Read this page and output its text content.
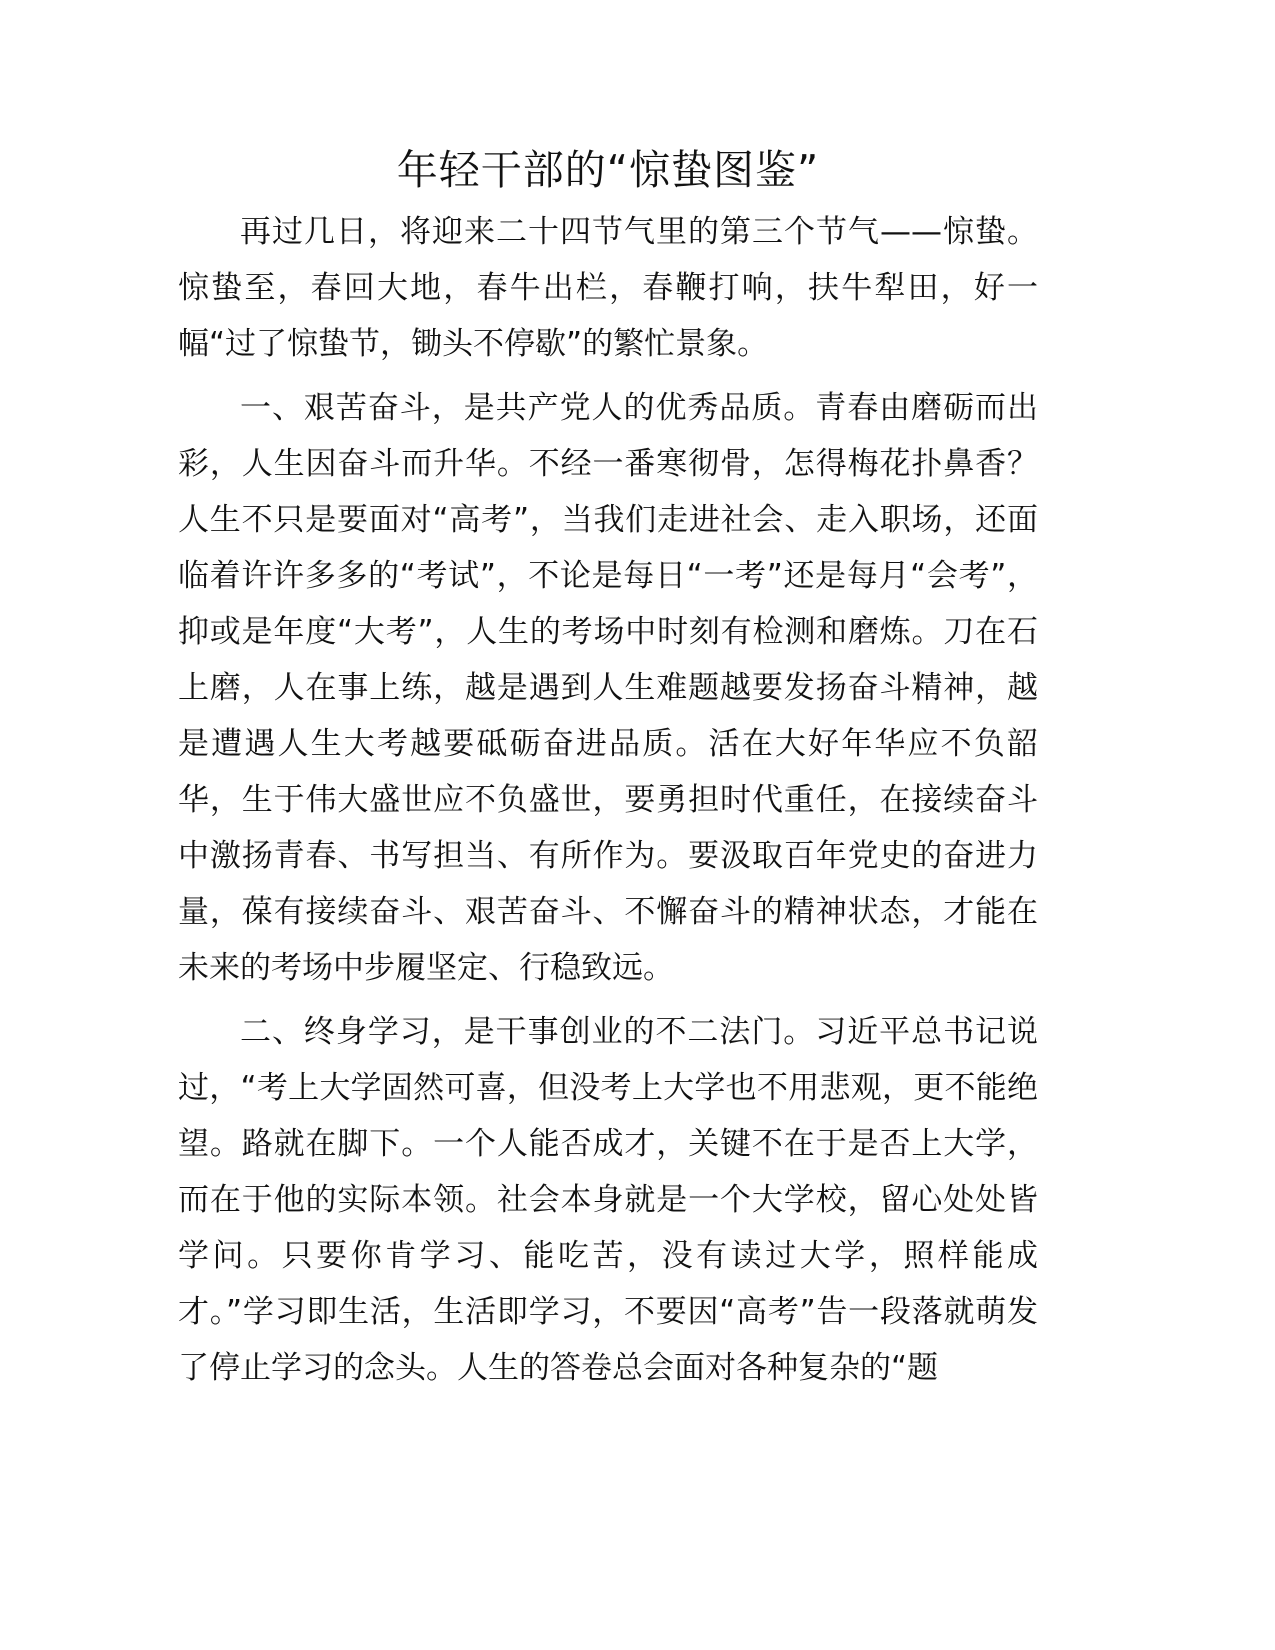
年轻干部的“惊蛰图鉴”

再过几日，将迎来二十四节气里的第三个节气——惊蛰。惊蛰至，春回大地，春牛出栏，春鞭打响，扶牛犁田，好一幅“过了惊蛰节，锄头不停歇”的繁忙景象。

一、艰苦奋斗，是共产党人的优秀品质。青春由磨砺而出彩，人生因奋斗而升华。不经一番寒彻骨，怎得梅花扑鼻香？人生不只是要面对“高考”，当我们走进社会、走入职场，还面临着许许多多的“考试”，不论是每日“一考”还是每月“会考”，抑或是年度“大考”，人生的考场中时刻有检测和磨炼。刀在石上磨，人在事上练，越是遇到人生难题越要发扬奋斗精神，越是遭遇人生大考越要砥砺奋进品质。活在大好年华应不负韶华，生于伟大盛世应不负盛世，要勇担时代重任，在接续奋斗中激扬青春、书写担当、有所作为。要汲取百年党史的奋进力量，葆有接续奋斗、艰苦奋斗、不懈奋斗的精神状态，才能在未来的考场中步履坚定、行稳致远。

二、终身学习，是干事创业的不二法门。习近平总书记说过，“考上大学固然可喜，但没考上大学也不用悲观，更不能绝望。路就在脚下。一个人能否成才，关键不在于是否上大学，而在于他的实际本领。社会本身就是一个大学校，留心处处皆学问。只要你肯学习、能吃苦，没有读过大学，照样能成才。”学习即生活，生活即学习，不要因“高考”告一段落就萌发了停止学习的念头。人生的答卷总会面对各种复杂的“题
